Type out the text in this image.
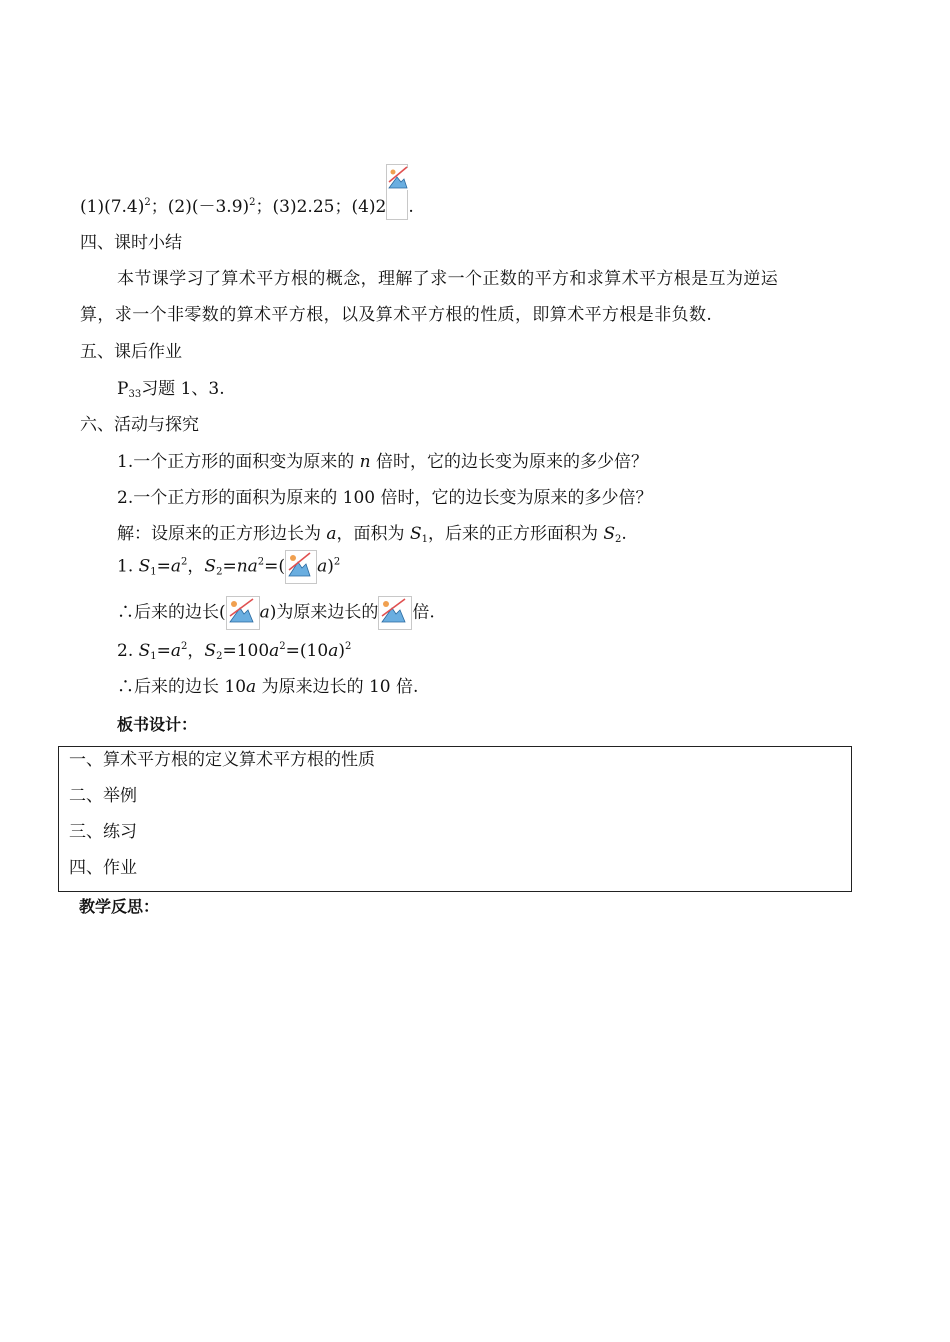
$(1)(7.4)^2$；$(2)(-3.9)^2$；(3)2.25；(4)2 .
四、课时小结
本节课学习了算术平方根的概念，理解了求一个正数的平方和求算术平方根是互为逆运
算，求一个非零数的算术平方根，以及算术平方根的性质，即算术平方根是非负数.
五、课后作业
$P_{33}$习题 1、3.
六、活动与探究
1.一个正方形的面积变为原来的 n 倍时，它的边长变为原来的多少倍？
2.一个正方形的面积为原来的 100 倍时，它的边长变为原来的多少倍？
解：设原来的正方形边长为 a，面积为 $S_1$，后来的正方形面积为 $S_2$.
1. $S_1=a^2$，$S_2=na^2=$( a)$^2$
∴后来的边长( a)为原来边长的 倍.
2. $S_1=a^2$，$S_2=100a^2=(10a)^2$
∴后来的边长 10a 为原来边长的 10 倍.
板书设计：
一、算术平方根的定义算术平方根的性质
二、举例
三、练习
四、作业
教学反思：
